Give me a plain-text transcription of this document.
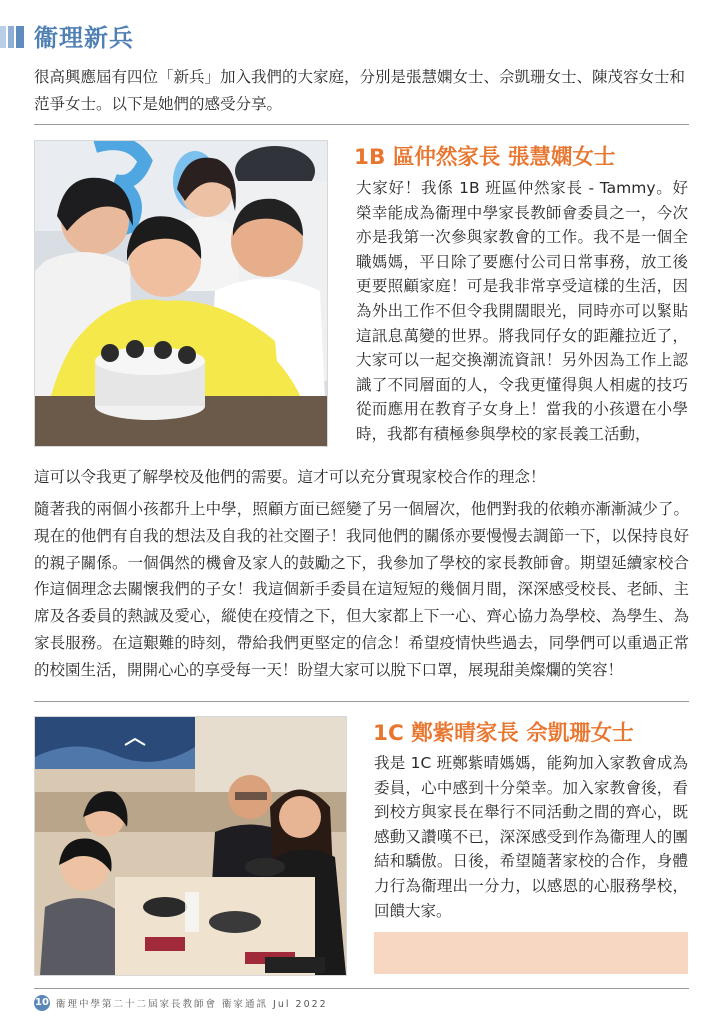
衞理新兵
很高興應屆有四位「新兵」加入我們的大家庭，分別是張慧嫻女士、佘凱珊女士、陳茂容女士和范爭女士。以下是她們的感受分享。
1B 區仲然家長 張慧嫻女士
大家好！我係 1B 班區仲然家長 - Tammy。好榮幸能成為衞理中學家長教師會委員之一，今次亦是我第一次參與家教會的工作。我不是一個全職媽媽，平日除了要應付公司日常事務，放工後更要照顧家庭！可是我非常享受這樣的生活，因為外出工作不但令我開闊眼光，同時亦可以緊貼這訊息萬變的世界。將我同仔女的距離拉近了，大家可以一起交換潮流資訊！另外因為工作上認識了不同層面的人，令我更懂得與人相處的技巧從而應用在教育子女身上！當我的小孩還在小學時，我都有積極參與學校的家長義工活動，
這可以令我更了解學校及他們的需要。這才可以充分實現家校合作的理念！
隨著我的兩個小孩都升上中學，照顧方面已經變了另一個層次，他們對我的依賴亦漸漸減少了。現在的他們有自我的想法及自我的社交圈子！我同他們的關係亦要慢慢去調節一下，以保持良好的親子關係。一個偶然的機會及家人的鼓勵之下，我參加了學校的家長教師會。期望延續家校合作這個理念去關懷我們的子女！我這個新手委員在這短短的幾個月間，深深感受校長、老師、主席及各委員的熱誠及愛心，縱使在疫情之下，但大家都上下一心、齊心協力為學校、為學生、為家長服務。在這艱難的時刻，帶給我們更堅定的信念！希望疫情快些過去，同學們可以重過正常的校園生活，開開心心的享受每一天！盼望大家可以脫下口罩，展現甜美燦爛的笑容！
1C 鄭紫晴家長 佘凱珊女士
我是 1C 班鄭紫晴媽媽，能夠加入家教會成為委員，心中感到十分榮幸。加入家教會後，看到校方與家長在舉行不同活動之間的齊心，既感動又讚嘆不已，深深感受到作為衞理人的團結和驕傲。日後，希望隨著家校的合作，身體力行為衞理出一分力，以感恩的心服務學校，回饋大家。
10 衞理中學第二十二屆家長教師會 衞家通訊 Jul 2022
